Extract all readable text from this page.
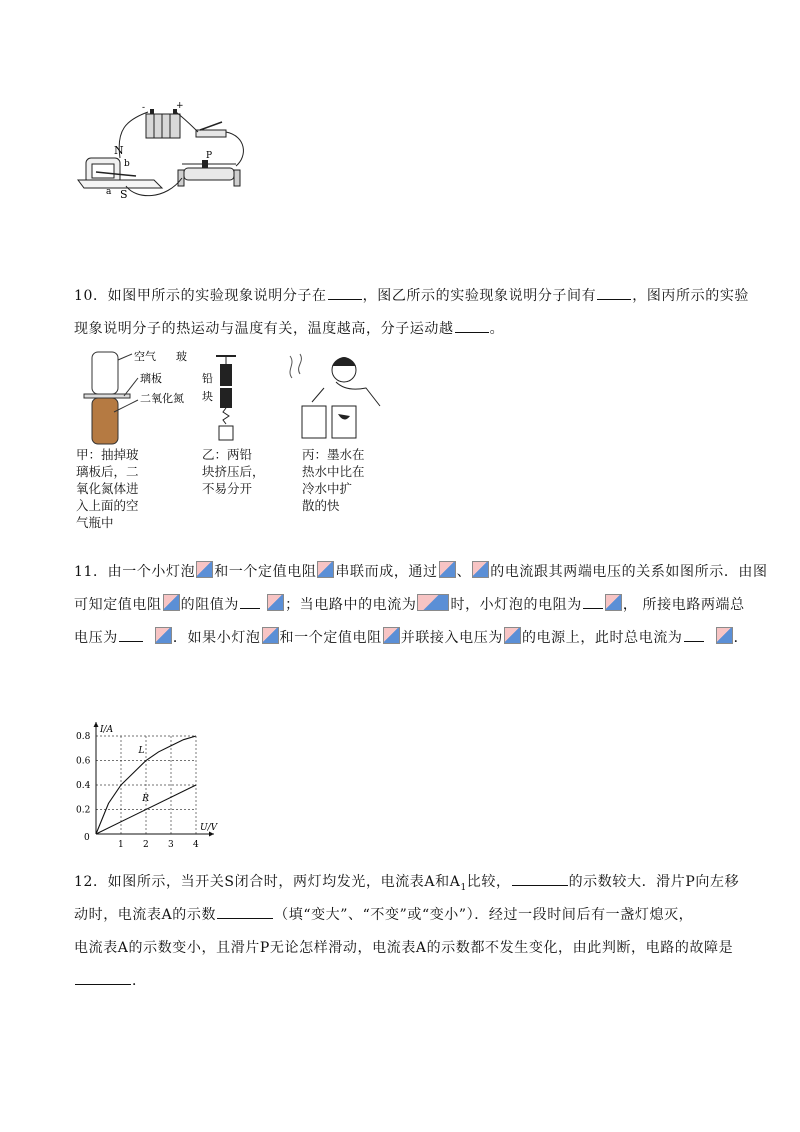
-	+
N
b
a S
P
10．如图甲所示的实验现象说明分子在	，图乙所示的实验现象说明分子间有	，图丙所示的实验
现象说明分子的热运动与温度有关，温度越高，分子运动越	。
空气 玻
璃板
二氧化氮
铅
块
甲：抽掉玻
璃板后，二
氧化氮体进
入上面的空
气瓶中
乙：两铅
块挤压后，
不易分开
丙：墨水在
热水中比在
冷水中扩
散的快
11．由一个小灯泡 和一个定值电阻 串联而成，通过 、 的电流跟其两端电压的关系如图所示．由图
可知定值电阻 的阻值为	；当电路中的电流为 时，小灯泡的电阻为	， 所接电路两端总
电压为	．如果小灯泡 和一个定值电阻 并联接入电压为 的电源上，此时总电流为	．
1 2 3 4
0.2
0.4
0.6
0.8
0
I/A
U/V
L
R
12．如图所示，当开关S闭合时，两灯均发光，电流表A和$A_1$比较，	的示数较大．滑片P向左移
动时，电流表A的示数	（填“变大”、“不变”或“变小”）．经过一段时间后有一盏灯熄灭，
电流表A的示数变小，且滑片P无论怎样滑动，电流表A的示数都不发生变化，由此判断，电路的故障是
．
